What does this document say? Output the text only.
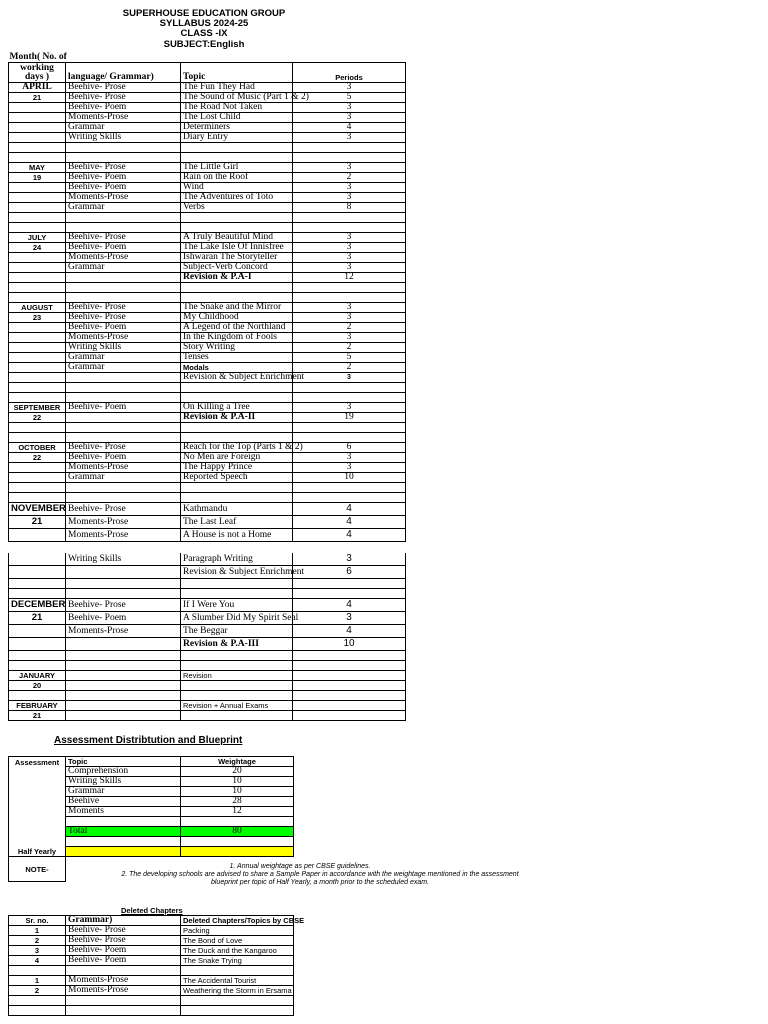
SUPERHOUSE EDUCATION GROUP
SYLLABUS 2024-25
CLASS -IX
SUBJECT:English
Month( No. of			
working days )	language/ Grammar)	Topic	Periods
APRIL	Beehive- Prose	The Fun They Had	3
21	Beehive- Prose	The Sound of Music (Part 1 & 2)	5
	Beehive- Poem	The Road Not Taken	3
	Moments-Prose	The Lost Child	3
	Grammar	Determiners	4
	Writing Skills	Diary Entry	3

MAY	Beehive- Prose	The Little Girl	3
19	Beehive- Poem	Rain on the Roof	2
	Beehive- Poem	Wind	3
	Moments-Prose	The Adventures of Toto	3
	Grammar	Verbs	8

JULY	Beehive- Prose	A Truly Beautiful Mind	3
24	Beehive- Poem	The Lake Isle Of Innisfree	3
	Moments-Prose	Ishwaran The Storyteller	3
	Grammar	Subject-Verb Concord	3
		Revision & P.A-I	12

AUGUST	Beehive- Prose	The Snake and the Mirror	3
23	Beehive- Prose	My Childhood	3
	Beehive- Poem	A Legend of the Northland	2
	Moments-Prose	In the Kingdom of Fools	3
	Writing Skills	Story Writing	2
	Grammar	Tenses	5
	Grammar	Modals	2
		Revision & Subject Enrichment	3

SEPTEMBER	Beehive- Poem	On Killing a Tree	3
22		Revision & P.A-II	19

OCTOBER	Beehive- Prose	Reach for the Top (Parts 1 & 2)	6
22	Beehive- Poem	No Men are Foreign	3
	Moments-Prose	The Happy Prince	3
	Grammar	Reported Speech	10

NOVEMBER	Beehive- Prose	Kathmandu	4
21	Moments-Prose	The Last Leaf	4
	Moments-Prose	A House is not a Home	4
	Writing Skills	Paragraph Writing	3
		Revision & Subject Enrichment	6

DECEMBER	Beehive- Prose	If I Were You	4
21	Beehive- Poem	A Slumber Did My Spirit Seal	3
	Moments-Prose	The Beggar	4
		Revision & P.A-III	10

JANUARY		Revision	
20			

FEBRUARY		Revision + Annual Exams	
21			
Assessment Distribtution and Blueprint
Assessment	Topic	Weightage
	Comprehension	20
	Writing Skills	10
	Grammar	10
	Beehive	28
	Moments	12

	Total	80

Half Yearly		
NOTE-			1. Annual weightage as per CBSE guidelines.
2. The developing schools are advised to share a Sample Paper in accordance with the weightage mentioned in the assessment
blueprint per topic of Half Yearly, a month prior to the scheduled exam.
Deleted Chapters
Sr. no.	Grammar)	Deleted Chapters/Topics by CBSE
1	Beehive- Prose	Packing
2	Beehive- Prose	The Bond of Love
3	Beehive- Poem	The Duck and the Kangaroo
4	Beehive- Poem	The Snake Trying

1	Moments-Prose	The Accidental Tourist
2	Moments-Prose	Weathering the Storm in Ersama
